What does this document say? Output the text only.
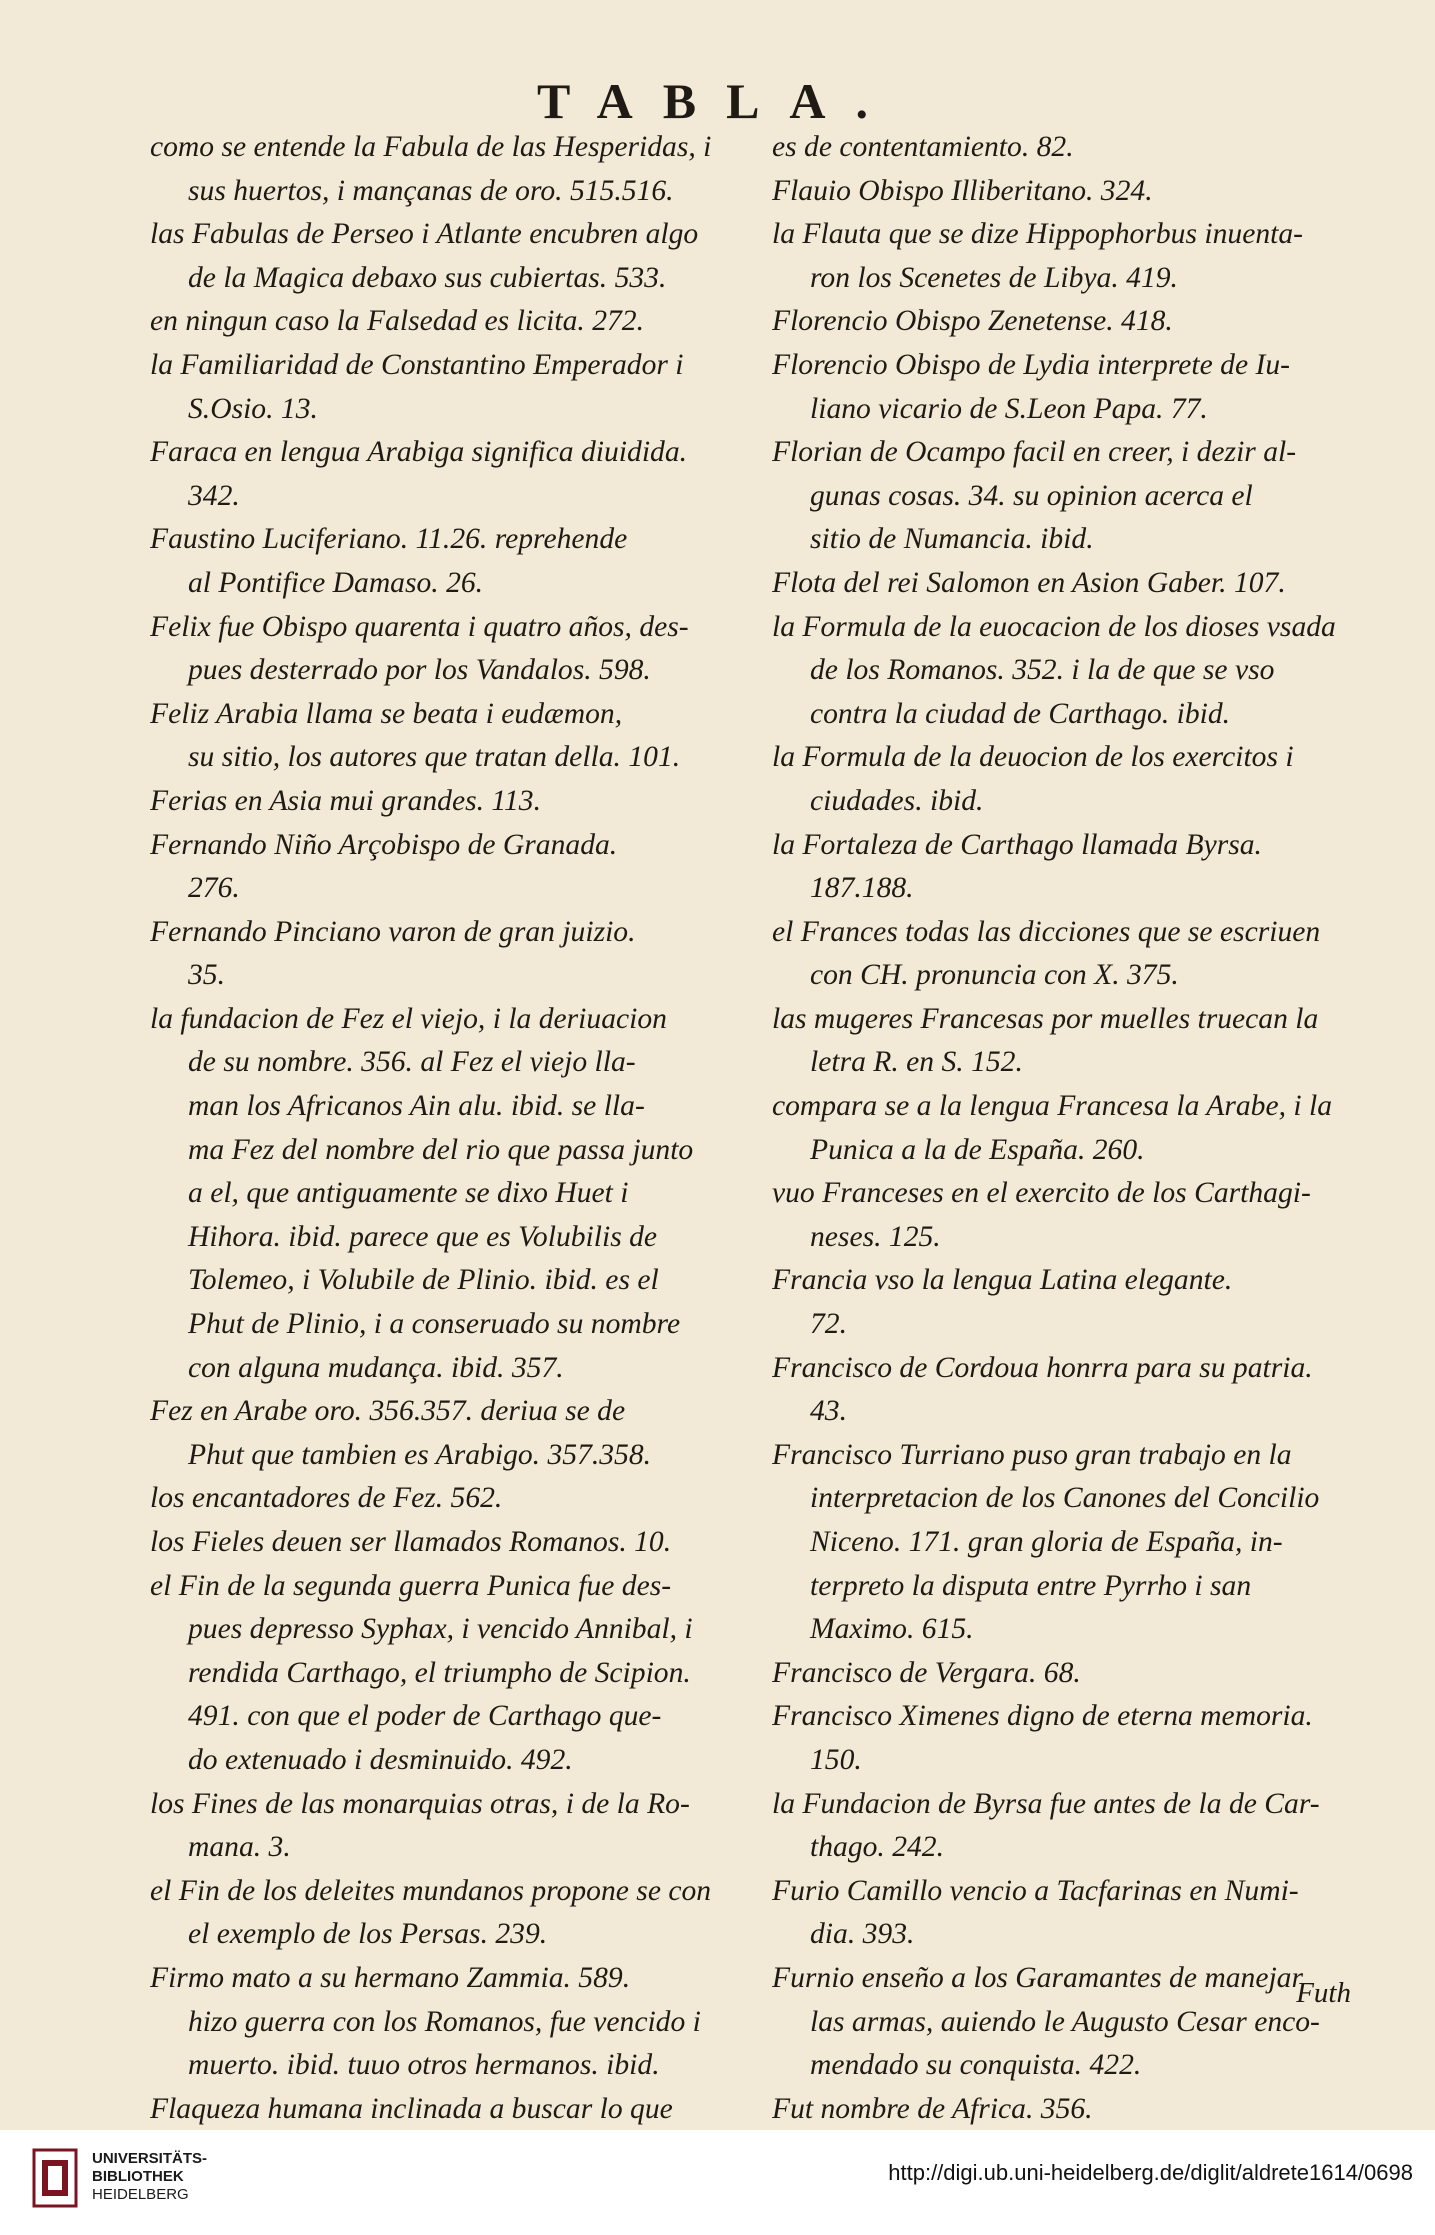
TABLA.
como se entende la Fabula de las Hesperidas, i
sus huertos, i mançanas de oro. 515.516.
las Fabulas de Perseo i Atlante encubren algo
de la Magica debaxo sus cubiertas. 533.
en ningun caso la Falsedad es licita. 272.
la Familiaridad de Constantino Emperador i
S.Osio. 13.
Faraca en lengua Arabiga significa diuidida.
342.
Faustino Luciferiano. 11.26. reprehende
al Pontifice Damaso. 26.
Felix fue Obispo quarenta i quatro años, des-
pues desterrado por los Vandalos. 598.
Feliz Arabia llama se beata i eudæmon,
su sitio, los autores que tratan della. 101.
Ferias en Asia mui grandes. 113.
Fernando Niño Arçobispo de Granada.
276.
Fernando Pinciano varon de gran juizio.
35.
la fundacion de Fez el viejo, i la deriuacion
de su nombre. 356. al Fez el viejo lla-
man los Africanos Ain alu. ibid. se lla-
ma Fez del nombre del rio que passa junto
a el, que antiguamente se dixo Huet i
Hihora. ibid. parece que es Volubilis de
Tolemeo, i Volubile de Plinio. ibid. es el
Phut de Plinio, i a conseruado su nombre
con alguna mudança. ibid. 357.
Fez en Arabe oro. 356.357. deriua se de
Phut que tambien es Arabigo. 357.358.
los encantadores de Fez. 562.
los Fieles deuen ser llamados Romanos. 10.
el Fin de la segunda guerra Punica fue des-
pues depresso Syphax, i vencido Annibal, i
rendida Carthago, el triumpho de Scipion.
491. con que el poder de Carthago que-
do extenuado i desminuido. 492.
los Fines de las monarquias otras, i de la Ro-
mana. 3.
el Fin de los deleites mundanos propone se con
el exemplo de los Persas. 239.
Firmo mato a su hermano Zammia. 589.
hizo guerra con los Romanos, fue vencido i
muerto. ibid. tuuo otros hermanos. ibid.
Flaqueza humana inclinada a buscar lo que
es de contentamiento. 82.
Flauio Obispo Illiberitano. 324.
la Flauta que se dize Hippophorbus inuenta-
ron los Scenetes de Libya. 419.
Florencio Obispo Zenetense. 418.
Florencio Obispo de Lydia interprete de Iu-
liano vicario de S.Leon Papa. 77.
Florian de Ocampo facil en creer, i dezir al-
gunas cosas. 34. su opinion acerca el
sitio de Numancia. ibid.
Flota del rei Salomon en Asion Gaber. 107.
la Formula de la euocacion de los dioses vsada
de los Romanos. 352. i la de que se vso
contra la ciudad de Carthago. ibid.
la Formula de la deuocion de los exercitos i
ciudades. ibid.
la Fortaleza de Carthago llamada Byrsa.
187.188.
el Frances todas las dicciones que se escriuen
con CH. pronuncia con X. 375.
las mugeres Francesas por muelles truecan la
letra R. en S. 152.
compara se a la lengua Francesa la Arabe, i la
Punica a la de España. 260.
vuo Franceses en el exercito de los Carthagi-
neses. 125.
Francia vso la lengua Latina elegante.
72.
Francisco de Cordoua honrra para su patria.
43.
Francisco Turriano puso gran trabajo en la
interpretacion de los Canones del Concilio
Niceno. 171. gran gloria de España, in-
terpreto la disputa entre Pyrrho i san
Maximo. 615.
Francisco de Vergara. 68.
Francisco Ximenes digno de eterna memoria.
150.
la Fundacion de Byrsa fue antes de la de Car-
thago. 242.
Furio Camillo vencio a Tacfarinas en Numi-
dia. 393.
Furnio enseño a los Garamantes de manejar
las armas, auiendo le Augusto Cesar enco-
mendado su conquista. 422.
Fut nombre de Africa. 356.
Futh
UNIVERSITÄTS-
BIBLIOTHEK
HEIDELBERG
http://digi.ub.uni-heidelberg.de/diglit/aldrete1614/0698
